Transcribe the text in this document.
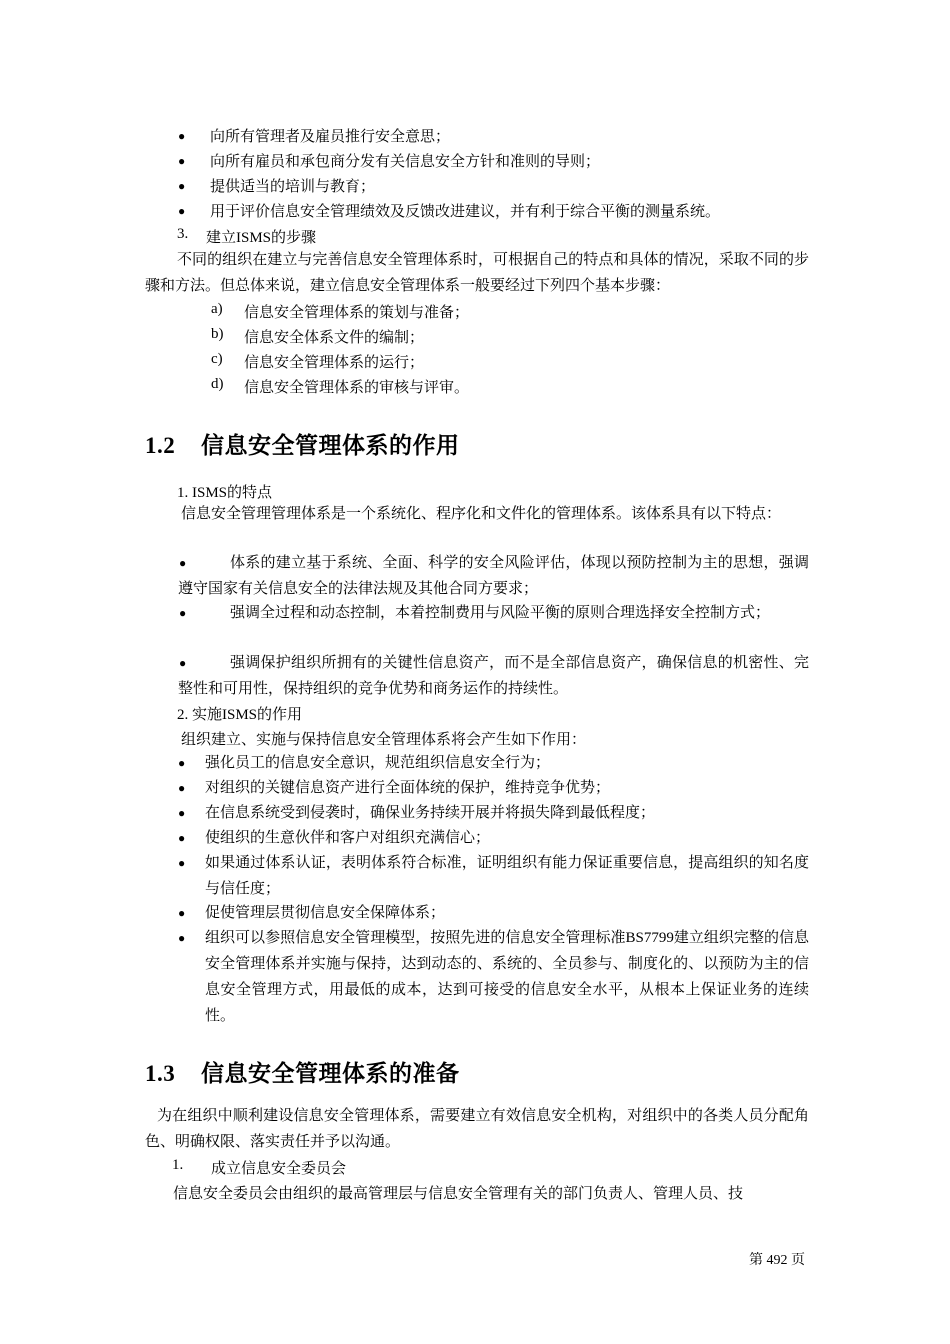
● 向所有管理者及雇员推行安全意思；
● 向所有雇员和承包商分发有关信息安全方针和准则的导则；
● 提供适当的培训与教育；
● 用于评价信息安全管理绩效及反馈改进建议，并有利于综合平衡的测量系统。
3. 建立ISMS的步骤
不同的组织在建立与完善信息安全管理体系时，可根据自己的特点和具体的情况，采取不同的步骤和方法。但总体来说，建立信息安全管理体系一般要经过下列四个基本步骤：
a) 信息安全管理体系的策划与准备；
b) 信息安全体系文件的编制；
c) 信息安全管理体系的运行；
d) 信息安全管理体系的审核与评审。
1.2 信息安全管理体系的作用
1. ISMS的特点
信息安全管理管理体系是一个系统化、程序化和文件化的管理体系。该体系具有以下特点：
●	体系的建立基于系统、全面、科学的安全风险评估，体现以预防控制为主的思想，强调遵守国家有关信息安全的法律法规及其他合同方要求；
●	强调全过程和动态控制，本着控制费用与风险平衡的原则合理选择安全控制方式；
●	强调保护组织所拥有的关键性信息资产，而不是全部信息资产，确保信息的机密性、完整性和可用性，保持组织的竞争优势和商务运作的持续性。
2. 实施ISMS的作用
组织建立、实施与保持信息安全管理体系将会产生如下作用：
● 强化员工的信息安全意识，规范组织信息安全行为；
● 对组织的关键信息资产进行全面体统的保护，维持竞争优势；
● 在信息系统受到侵袭时，确保业务持续开展并将损失降到最低程度；
● 使组织的生意伙伴和客户对组织充满信心；
● 如果通过体系认证，表明体系符合标准，证明组织有能力保证重要信息，提高组织的知名度与信任度；
● 促使管理层贯彻信息安全保障体系；
● 组织可以参照信息安全管理模型，按照先进的信息安全管理标准BS7799建立组织完整的信息安全管理体系并实施与保持，达到动态的、系统的、全员参与、制度化的、以预防为主的信息安全管理方式，用最低的成本，达到可接受的信息安全水平，从根本上保证业务的连续性。
1.3 信息安全管理体系的准备
为在组织中顺利建设信息安全管理体系，需要建立有效信息安全机构，对组织中的各类人员分配角色、明确权限、落实责任并予以沟通。
1. 成立信息安全委员会
信息安全委员会由组织的最高管理层与信息安全管理有关的部门负责人、管理人员、技
第 492 页
